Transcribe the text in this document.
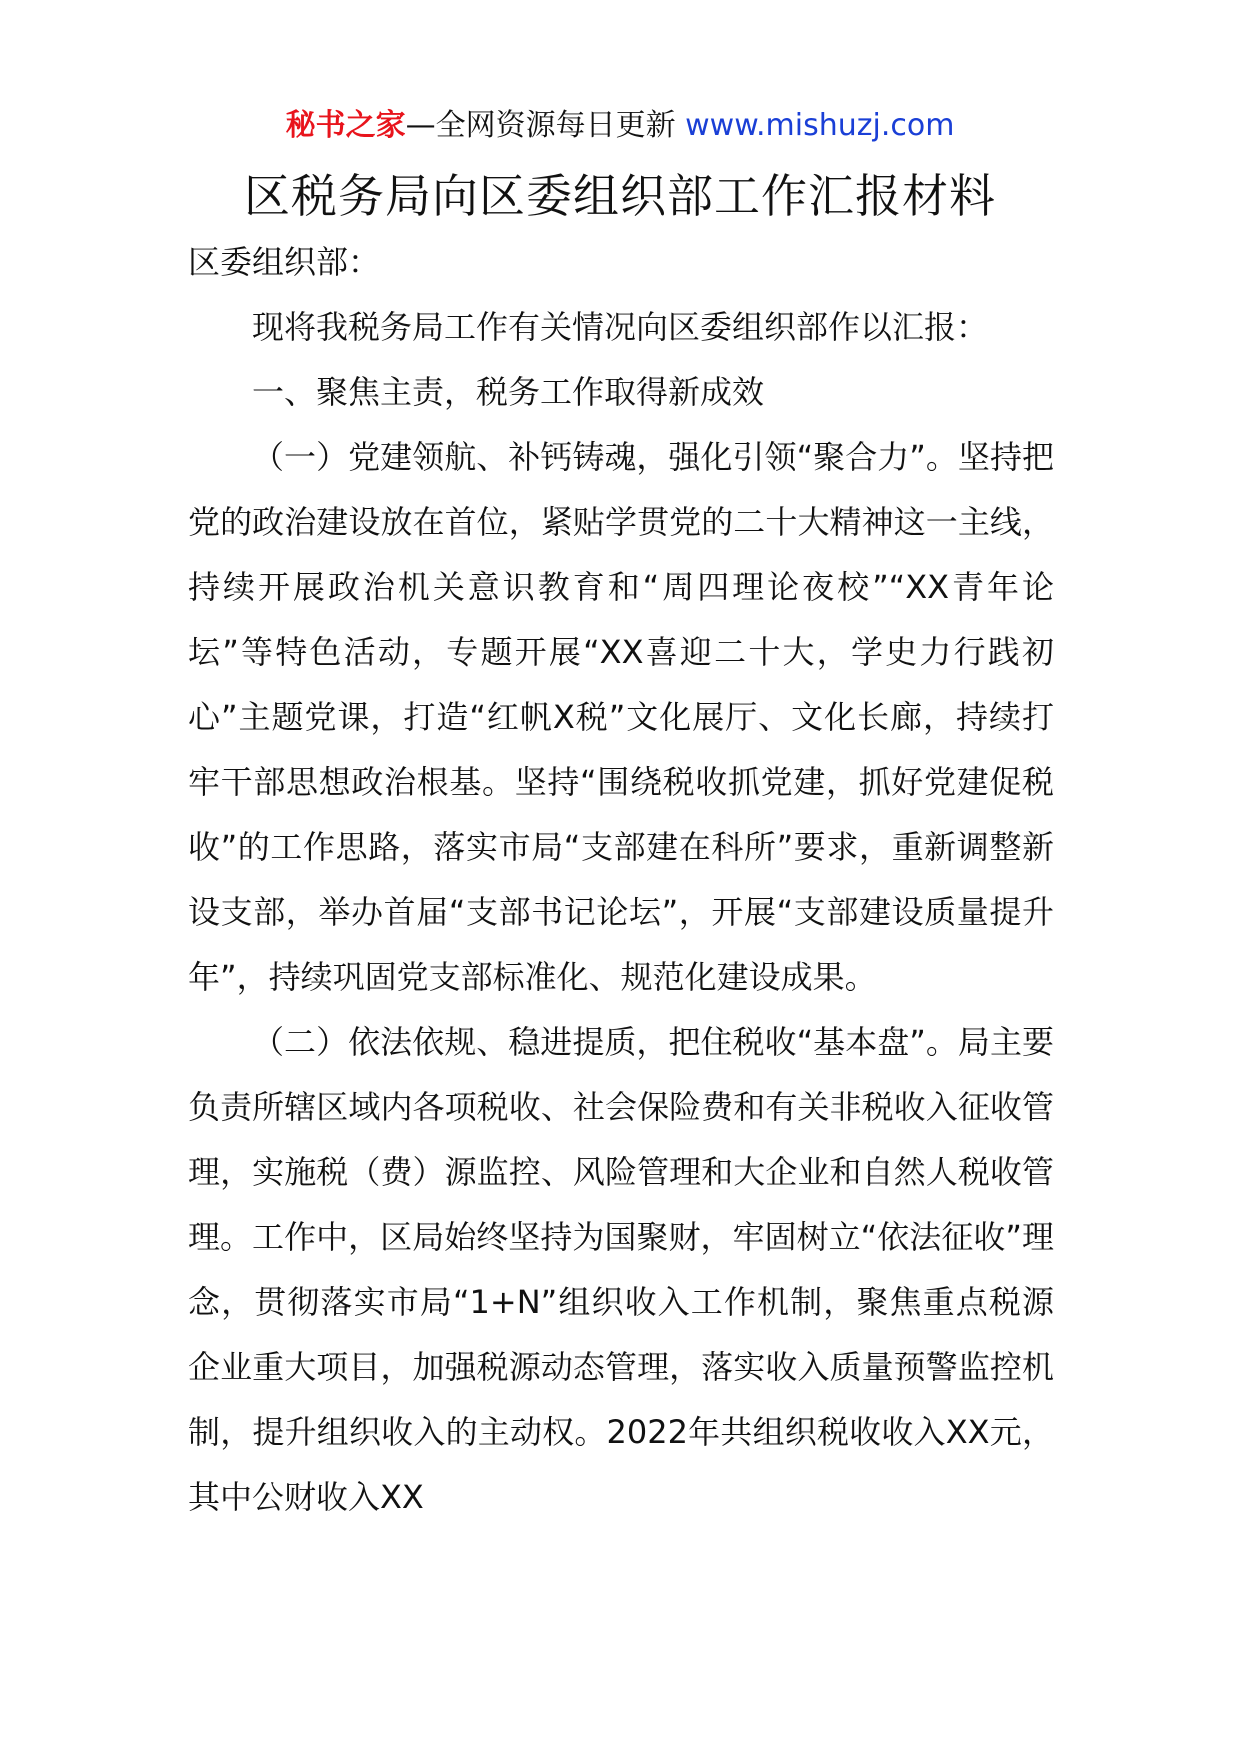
秘书之家—全网资源每日更新 www.mishuzj.com
区税务局向区委组织部工作汇报材料

区委组织部：

现将我税务局工作有关情况向区委组织部作以汇报：

一、聚焦主责，税务工作取得新成效

（一）党建领航、补钙铸魂，强化引领“聚合力”。坚持把党的政治建设放在首位，紧贴学贯党的二十大精神这一主线，持续开展政治机关意识教育和“周四理论夜校”“XX青年论坛”等特色活动，专题开展“XX喜迎二十大，学史力行践初心”主题党课，打造“红帆X税”文化展厅、文化长廊，持续打牢干部思想政治根基。坚持“围绕税收抓党建，抓好党建促税收”的工作思路，落实市局“支部建在科所”要求，重新调整新设支部，举办首届“支部书记论坛”，开展“支部建设质量提升年”，持续巩固党支部标准化、规范化建设成果。

（二）依法依规、稳进提质，把住税收“基本盘”。局主要负责所辖区域内各项税收、社会保险费和有关非税收入征收管理，实施税（费）源监控、风险管理和大企业和自然人税收管理。工作中，区局始终坚持为国聚财，牢固树立“依法征收”理念，贯彻落实市局“1+N”组织收入工作机制，聚焦重点税源企业重大项目，加强税源动态管理，落实收入质量预警监控机制，提升组织收入的主动权。2022年共组织税收收入XX元，其中公财收入XX
